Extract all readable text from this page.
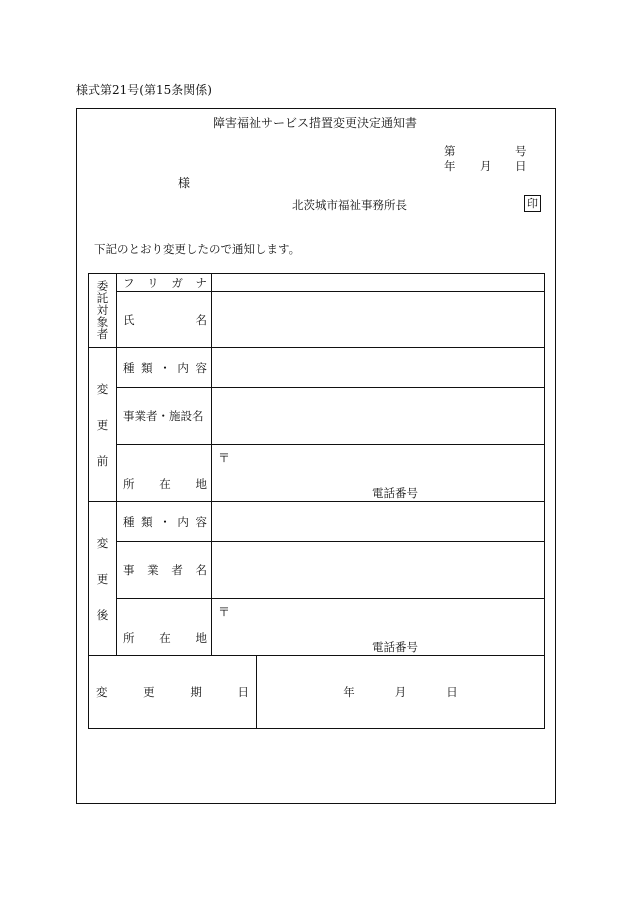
様式第21号(第15条関係)
障害福祉サービス措置変更決定通知書
第	号
年 月 日
様
北茨城市福祉事務所長	印
下記のとおり変更したので通知します。
委
託
対
象
者	フ リ ガ ナ		

	氏 名		

変
更
前	種 類 ・ 内 容		

	事業者・施設名		

	所 在 地	〒
電話番号	

変
更
後	種 類 ・ 内 容		

	事 業 者 名		

	所 在 地	〒
電話番号	

変 更 期 日			年 月 日
